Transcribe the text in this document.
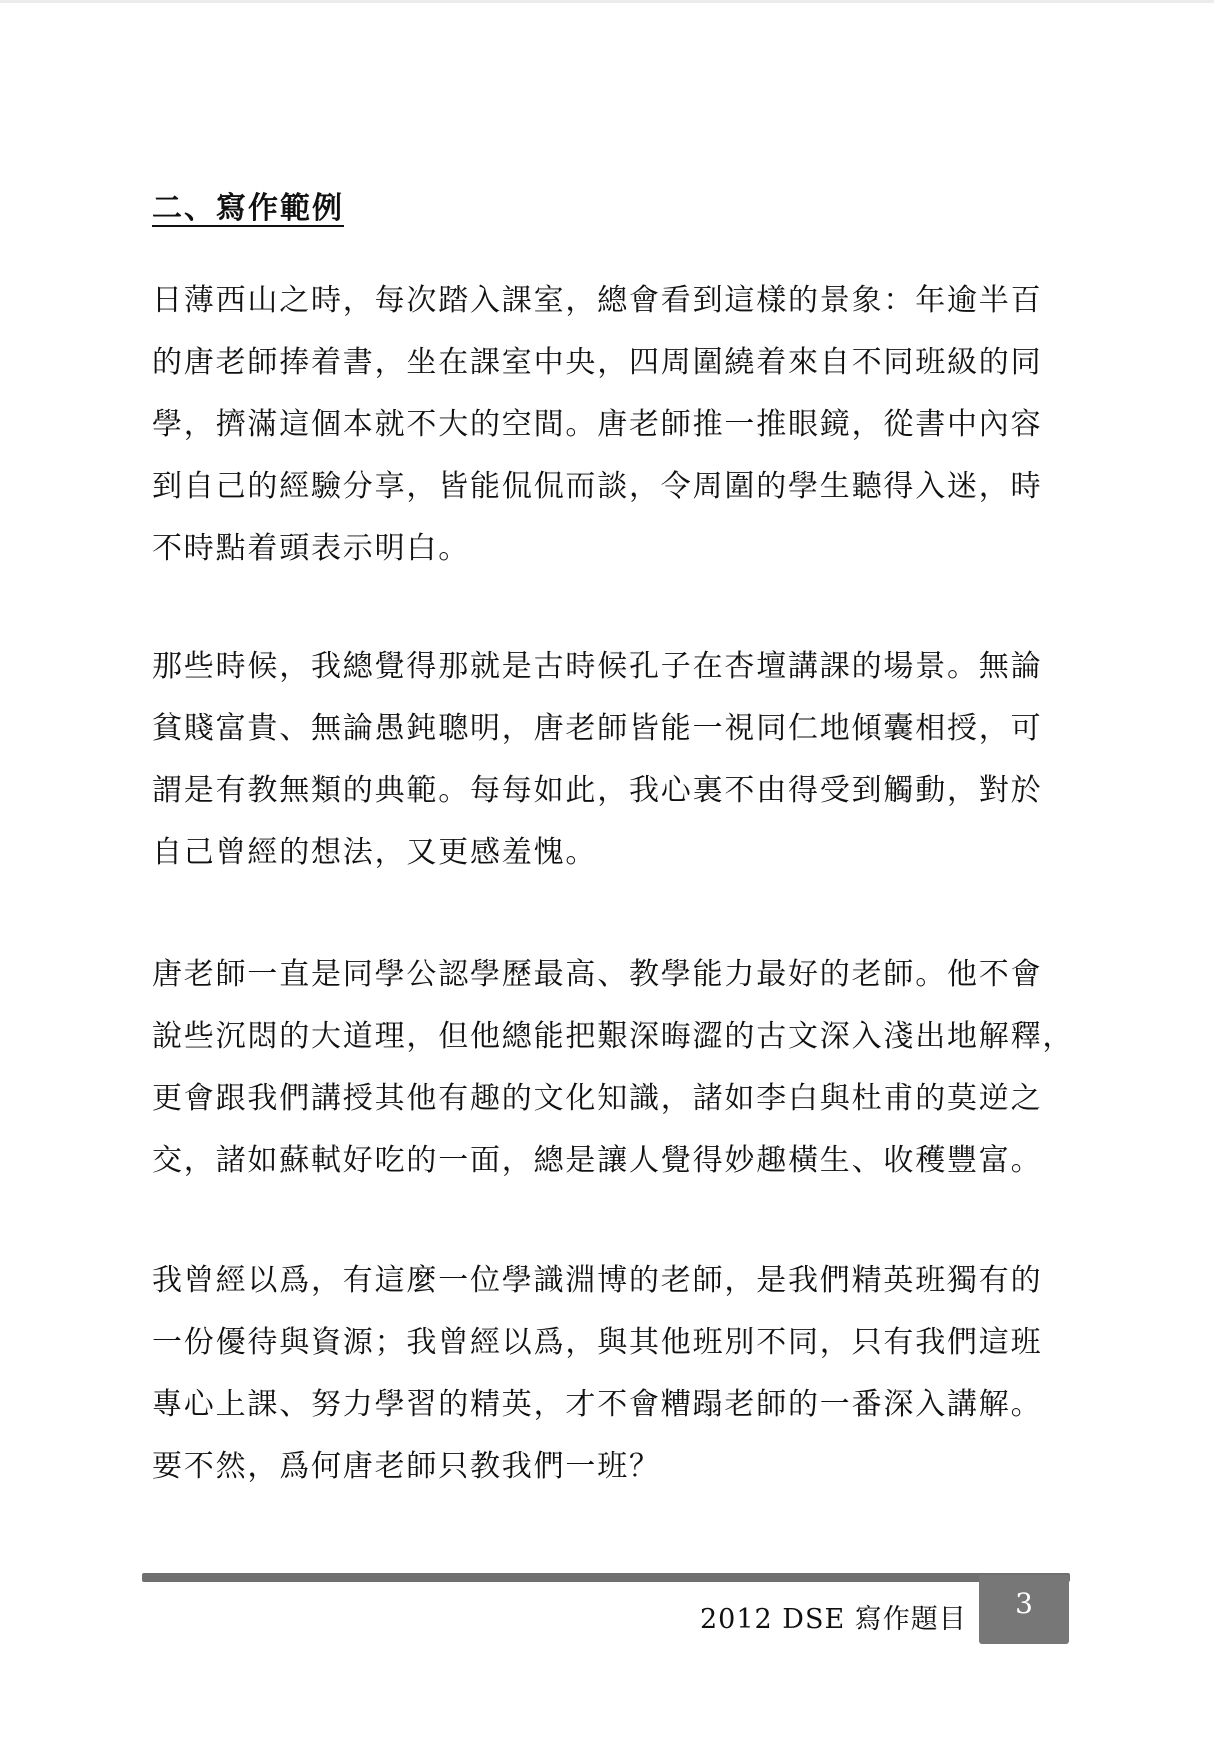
二、寫作範例

日薄西山之時，每次踏入課室，總會看到這樣的景象：年逾半百
的唐老師捧着書，坐在課室中央，四周圍繞着來自不同班級的同
學，擠滿這個本就不大的空間。唐老師推一推眼鏡，從書中內容
到自己的經驗分享，皆能侃侃而談，令周圍的學生聽得入迷，時
不時點着頭表示明白。

那些時候，我總覺得那就是古時候孔子在杏壇講課的場景。無論
貧賤富貴、無論愚鈍聰明，唐老師皆能一視同仁地傾囊相授，可
謂是有教無類的典範。每每如此，我心裏不由得受到觸動，對於
自己曾經的想法，又更感羞愧。

唐老師一直是同學公認學歷最高、教學能力最好的老師。他不會
說些沉悶的大道理，但他總能把艱深晦澀的古文深入淺出地解釋，
更會跟我們講授其他有趣的文化知識，諸如李白與杜甫的莫逆之
交，諸如蘇軾好吃的一面，總是讓人覺得妙趣橫生、收穫豐富。

我曾經以爲，有這麼一位學識淵博的老師，是我們精英班獨有的
一份優待與資源；我曾經以爲，與其他班別不同，只有我們這班
專心上課、努力學習的精英，才不會糟蹋老師的一番深入講解。
要不然，爲何唐老師只教我們一班？

2012 DSE 寫作題目	3
